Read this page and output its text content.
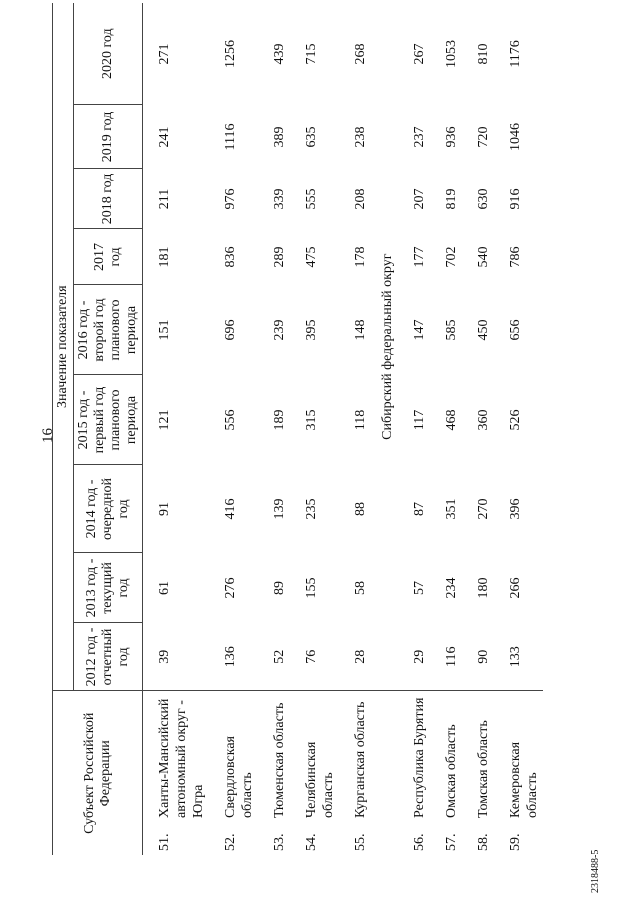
16
Субъект Российской Федерации		Значение показателя								
		2012 год - отчетный год	2013 год - текущий год	2014 год - очередной год	2015 год - первый год планового периода	2016 год - второй год планового периода	2017 год	2018 год	2019 год	2020 год
51.	Ханты-Мансийский автономный округ - Югра	39	61	91	121	151	181	211	241	271
52.	Свердловская область	136	276	416	556	696	836	976	1116	1256
53.	Тюменская область	52	89	139	189	239	289	339	389	439
54.	Челябинская область	76	155	235	315	395	475	555	635	715
55.	Курганская область	28	58	88	118	148	178	208	238	268
		Сибирский федеральный округ								
56.	Республика Бурятия	29	57	87	117	147	177	207	237	267
57.	Омская область	116	234	351	468	585	702	819	936	1053
58.	Томская область	90	180	270	360	450	540	630	720	810
59.	Кемеровская область	133	266	396	526	656	786	916	1046	1176
2318488-5
